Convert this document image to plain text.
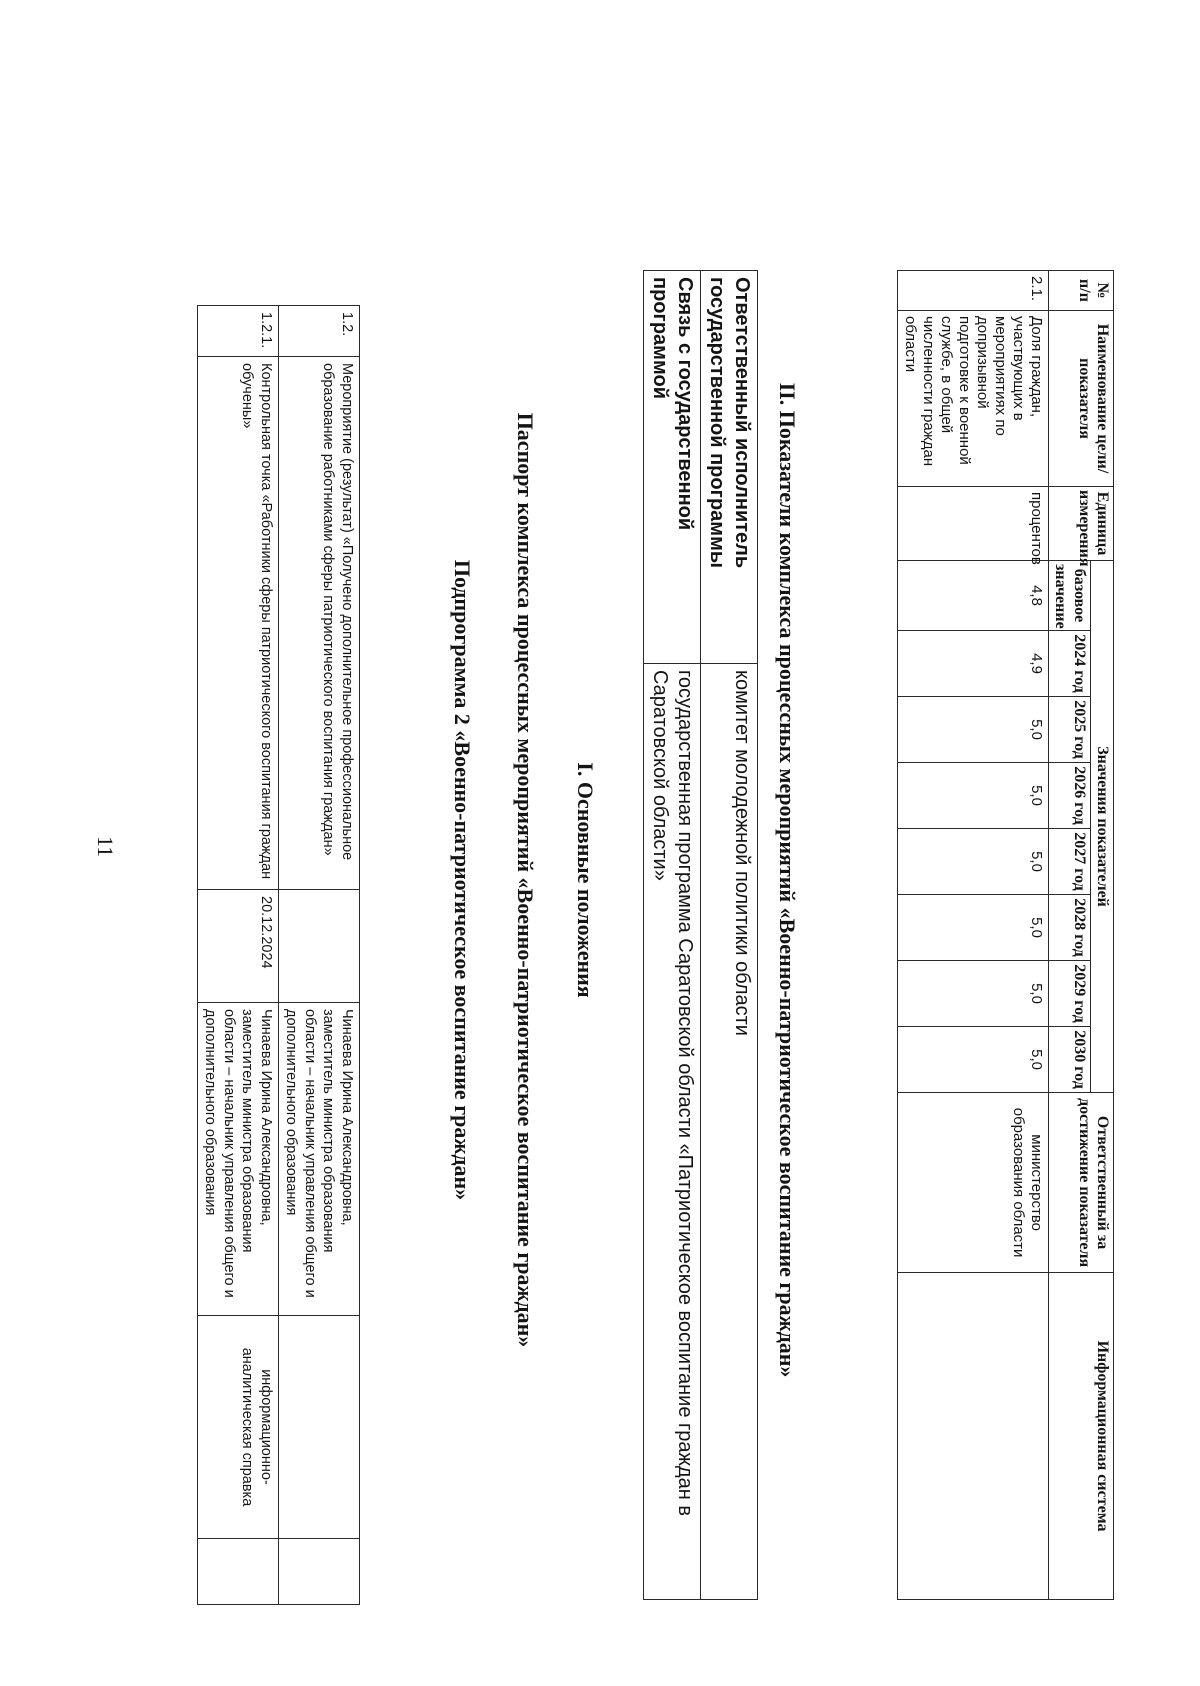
11
1.2.	Мероприятие (результат) «Получено дополнительное профессиональное образование работниками сферы патриотического воспитания граждан»		Чинаева Ирина Александровна, заместитель министра образования области – начальник управления общего и дополнительного образования		
1.2.1.	Контрольная точка «Работники сферы патриотического воспитания граждан обучены»	20.12.2024	Чинаева Ирина Александровна, заместитель министра образования области – начальник управления общего и дополнительного образования	информационно-аналитическая справка	
Подпрограмма 2 «Военно-патриотическое воспитание граждан» Паспорт комплекса процессных мероприятий «Военно-патриотическое воспитание граждан» I. Основные положения
Ответственный исполнитель государственной программы	комитет молодежной политики области
Связь с государственной программой	государственная программа Саратовской области «Патриотическое воспитание граждан в Саратовской области»	II. Показатели комплекса процессных мероприятий «Военно-патриотическое воспитание граждан»
№ п/п	Наименование цели/показателя	Единица измерения	Значения показателей								Ответственный за достижение показателя	Информационная система
			базовое значение	2024 год	2025 год	2026 год	2027 год	2028 год	2029 год	2030 год		
2.1.	Доля граждан, участвующих в мероприятиях по допризывной подготовке к военной службе, в общей численности граждан области	процентов	4,8	4,9	5,0	5,0	5,0	5,0	5,0	5,0	министерство образования области	
